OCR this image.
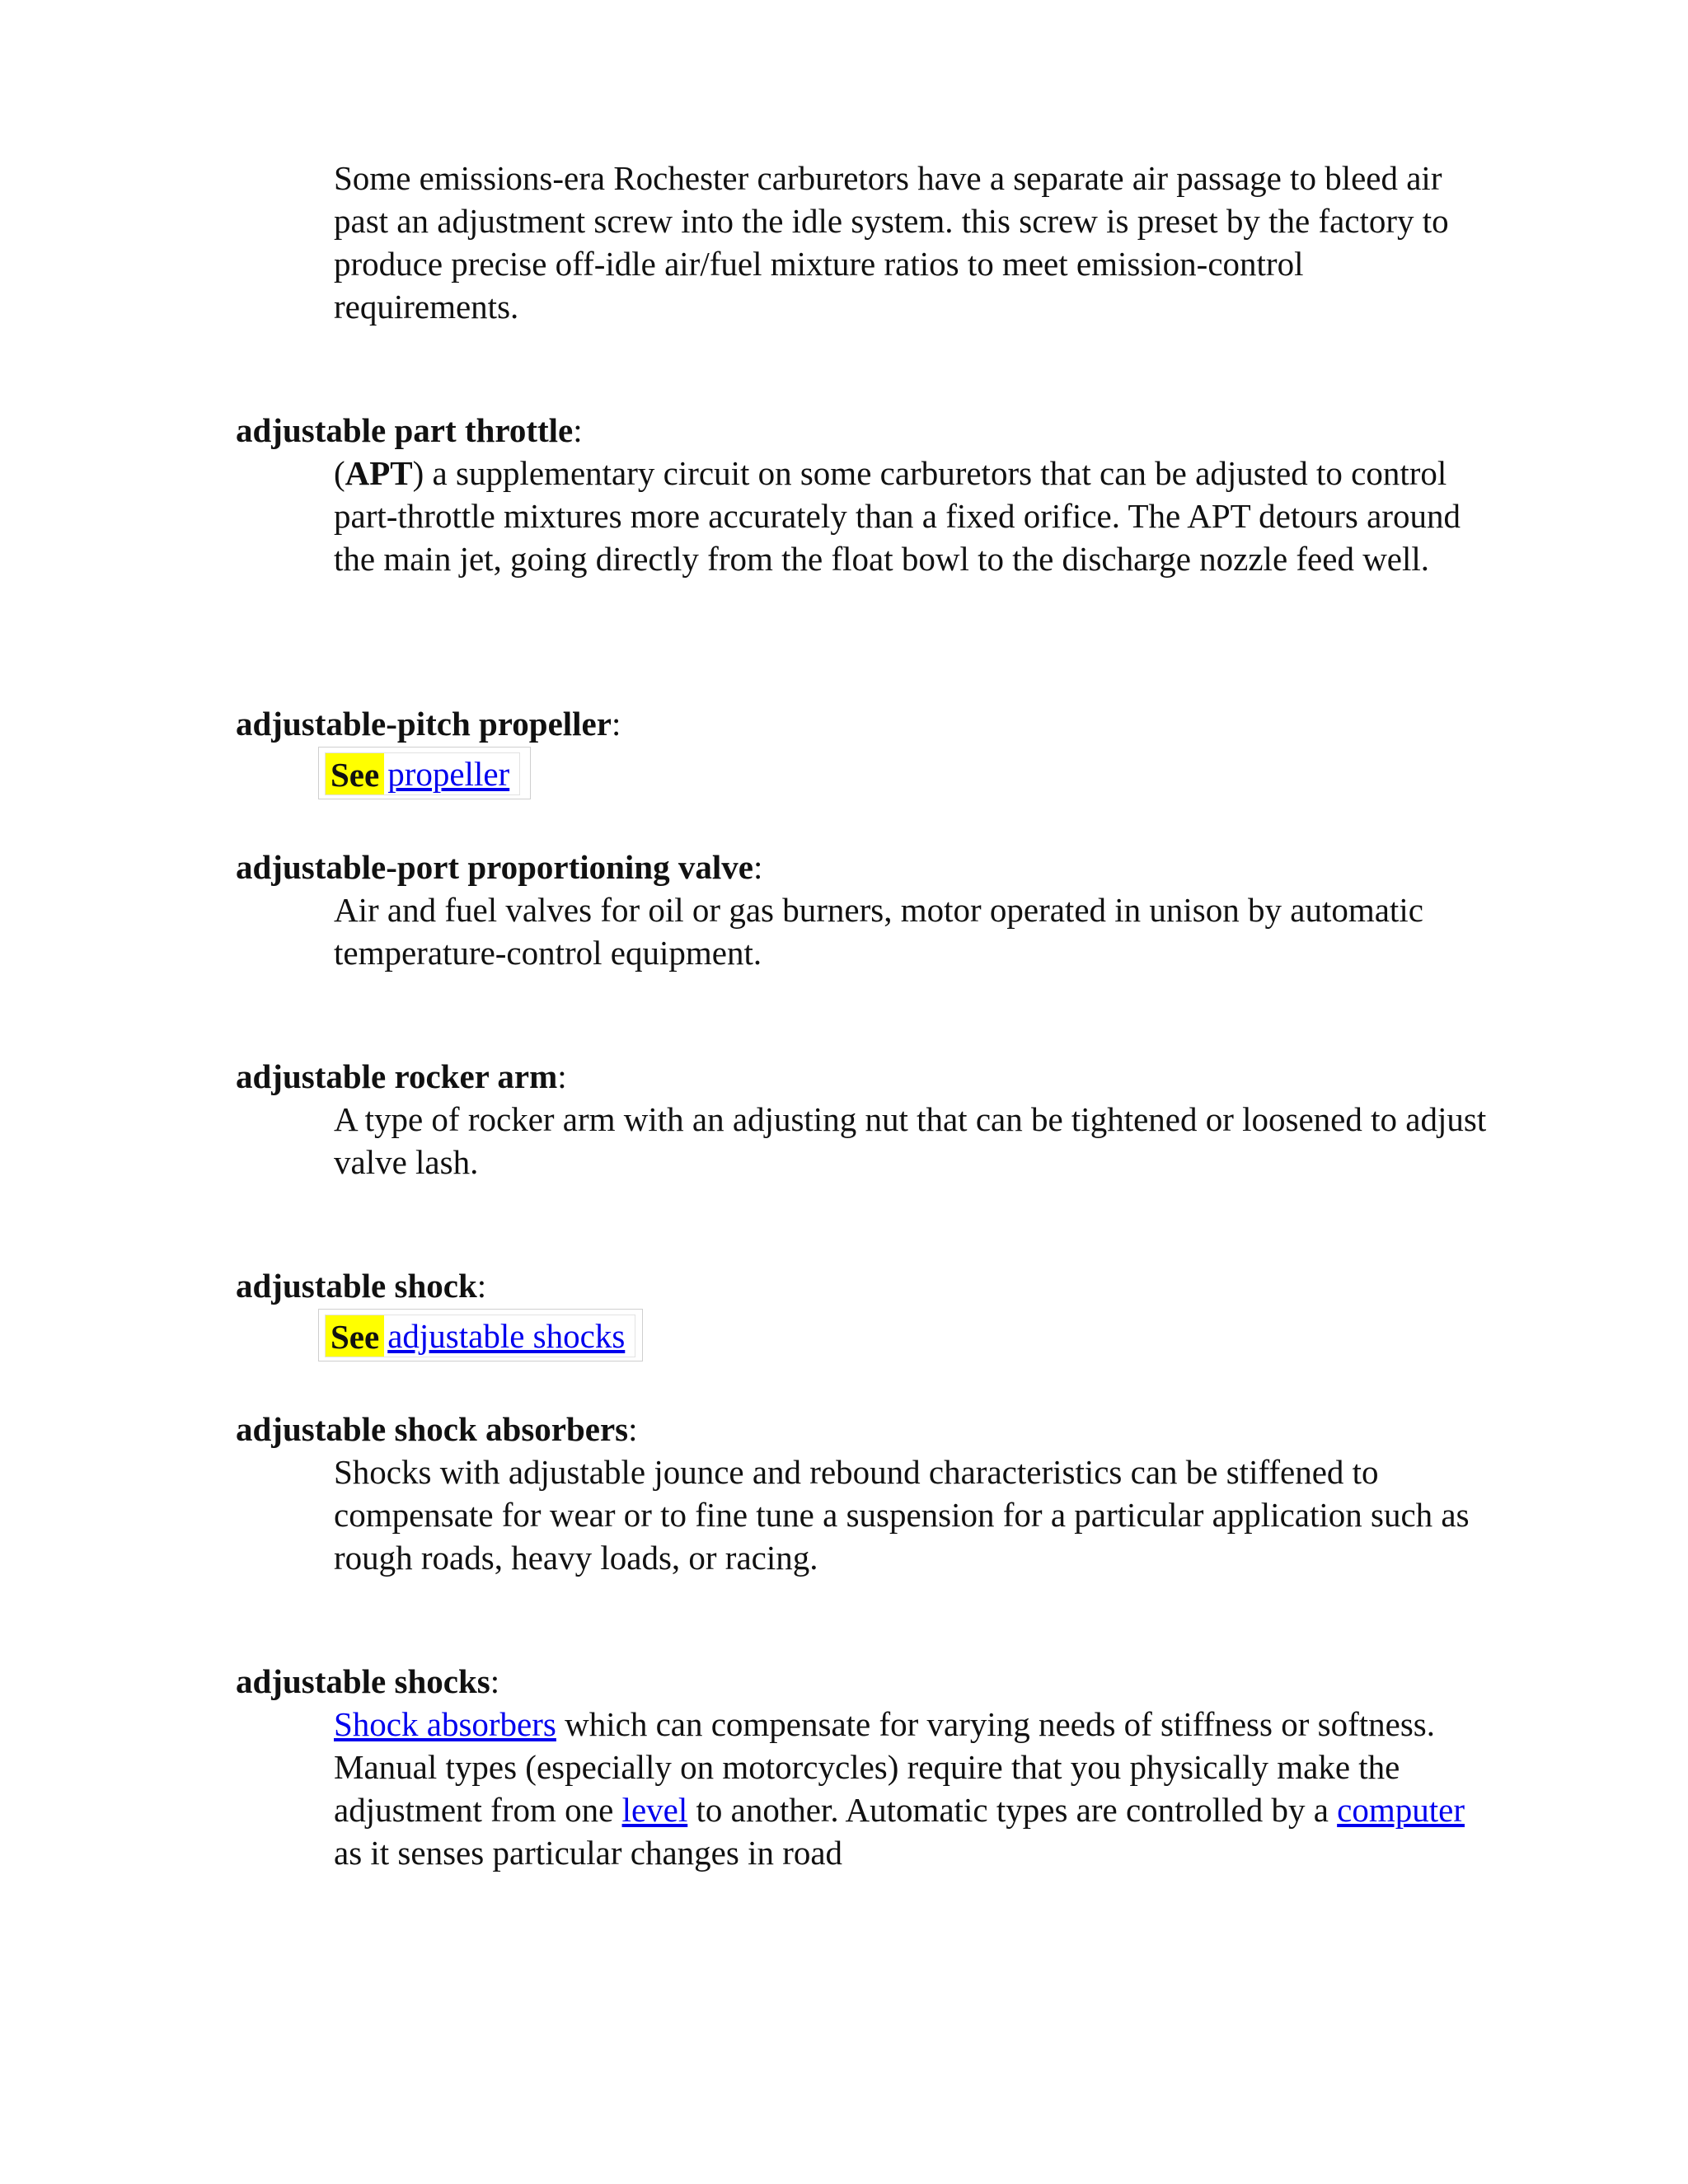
Some emissions-era Rochester carburetors have a separate air passage to bleed air past an adjustment screw into the idle system. this screw is preset by the factory to produce precise off-idle air/fuel mixture ratios to meet emission-control requirements.

adjustable part throttle:

(APT) a supplementary circuit on some carburetors that can be adjusted to control part-throttle mixtures more accurately than a fixed orifice. The APT detours around the main jet, going directly from the float bowl to the discharge nozzle feed well.

adjustable-pitch propeller:

See propeller

adjustable-port proportioning valve:

Air and fuel valves for oil or gas burners, motor operated in unison by automatic temperature-control equipment.

adjustable rocker arm:

A type of rocker arm with an adjusting nut that can be tightened or loosened to adjust valve lash.

adjustable shock:

See adjustable shocks

adjustable shock absorbers:

Shocks with adjustable jounce and rebound characteristics can be stiffened to compensate for wear or to fine tune a suspension for a particular application such as rough roads, heavy loads, or racing.

adjustable shocks:

Shock absorbers which can compensate for varying needs of stiffness or softness. Manual types (especially on motorcycles) require that you physically make the adjustment from one level to another. Automatic types are controlled by a computer as it senses particular changes in road
